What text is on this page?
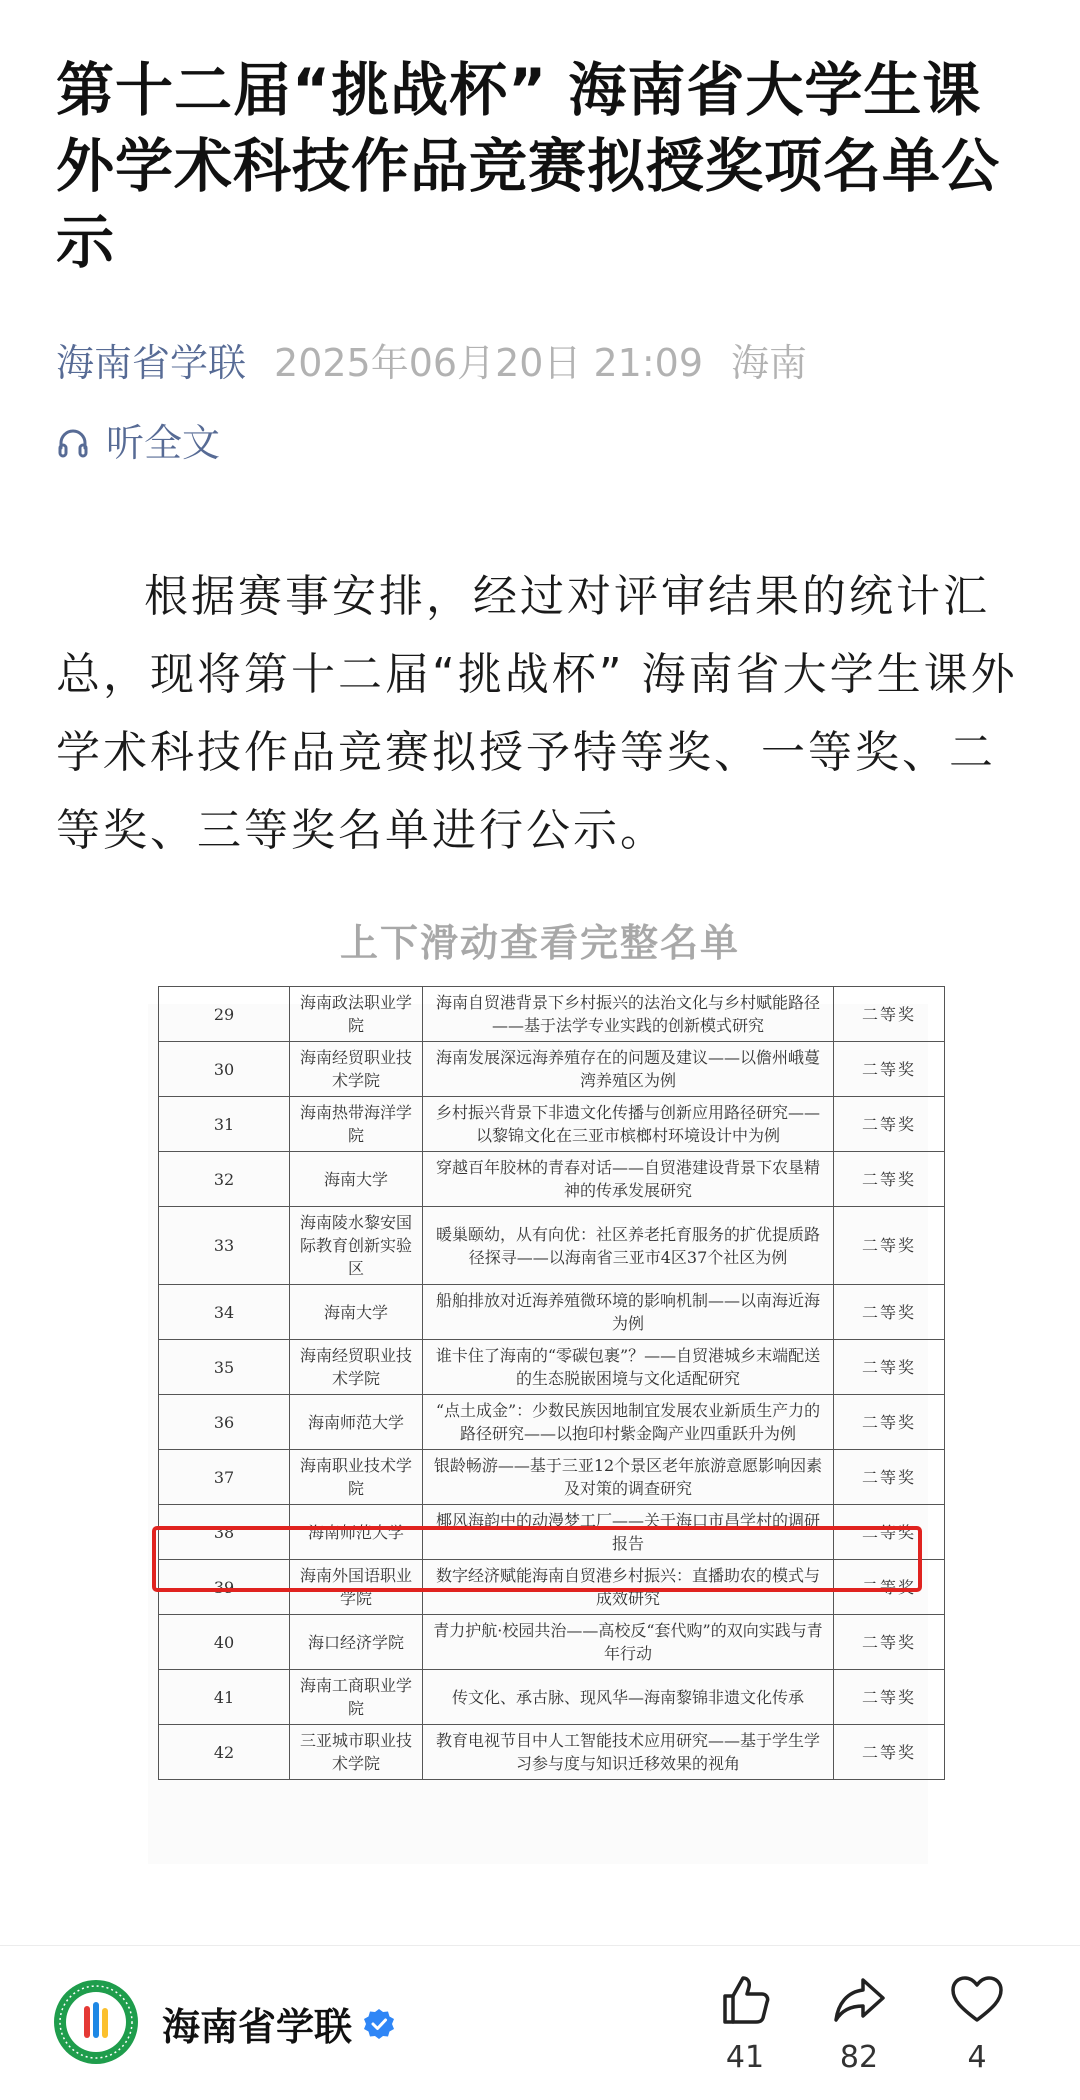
第十二届“挑战杯” 海南省大学生课外学术科技作品竞赛拟授奖项名单公示
海南省学联 2025年06月20日 21:09 海南
听全文

根据赛事安排，经过对评审结果的统计汇总，现将第十二届“挑战杯” 海南省大学生课外学术科技作品竞赛拟授予特等奖、一等奖、二等奖、三等奖名单进行公示。

上下滑动查看完整名单
29	海南政法职业学院	海南自贸港背景下乡村振兴的法治文化与乡村赋能路径——基于法学专业实践的创新模式研究	二等奖
30	海南经贸职业技术学院	海南发展深远海养殖存在的问题及建议——以儋州峨蔓湾养殖区为例	二等奖
31	海南热带海洋学院	乡村振兴背景下非遗文化传播与创新应用路径研究——以黎锦文化在三亚市槟榔村环境设计中为例	二等奖
32	海南大学	穿越百年胶林的青春对话——自贸港建设背景下农垦精神的传承发展研究	二等奖
33	海南陵水黎安国际教育创新实验区	暖巢颐幼，从有向优：社区养老托育服务的扩优提质路径探寻——以海南省三亚市4区37个社区为例	二等奖
34	海南大学	船舶排放对近海养殖微环境的影响机制——以南海近海为例	二等奖
35	海南经贸职业技术学院	谁卡住了海南的“零碳包裹”？——自贸港城乡末端配送的生态脱嵌困境与文化适配研究	二等奖
36	海南师范大学	“点土成金”：少数民族因地制宜发展农业新质生产力的路径研究——以抱印村紫金陶产业四重跃升为例	二等奖
37	海南职业技术学院	银龄畅游——基于三亚12个景区老年旅游意愿影响因素及对策的调查研究	二等奖
38	海南师范大学	椰风海韵中的动漫梦工厂——关于海口市昌学村的调研报告	二等奖
39	海南外国语职业学院	数字经济赋能海南自贸港乡村振兴：直播助农的模式与成效研究	二等奖
40	海口经济学院	青力护航·校园共治——高校反“套代购”的双向实践与青年行动	二等奖
41	海南工商职业学院	传文化、承古脉、现风华—海南黎锦非遗文化传承	二等奖
42	三亚城市职业技术学院	教育电视节目中人工智能技术应用研究——基于学生学习参与度与知识迁移效果的视角	二等奖
海南省学联
41	82	4
